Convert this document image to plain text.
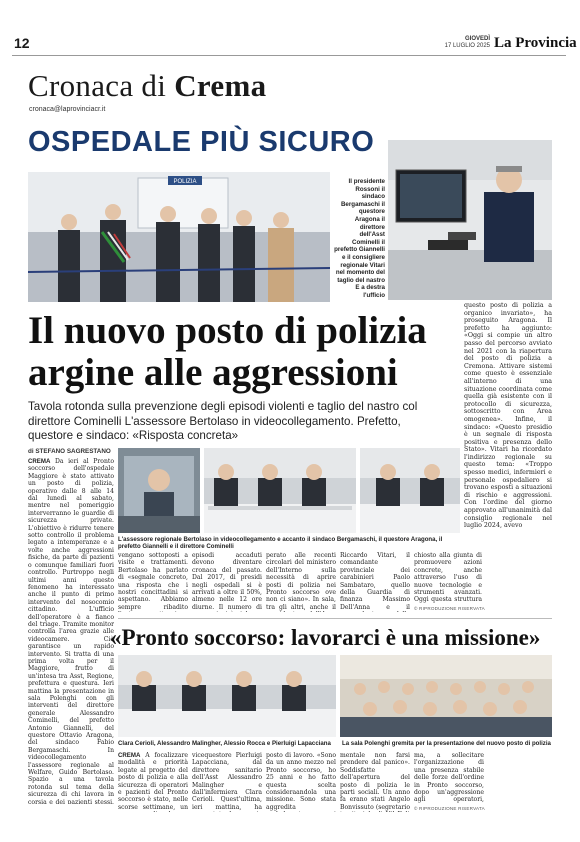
12	GIOVEDÌ
17 LUGLIO 2025 La Provincia
Cronaca di Crema
cronaca@laprovinciacr.it
OSPEDALE PIÙ SICURO
POLIZIA	Il presidente Rossoni il sindaco Bergamaschi il questore Aragona il direttore dell'Asst Cominelli il prefetto Giannelli e il consigliere regionale Vitari nel momento del taglio del nastro E a destra l'ufficio
Il nuovo posto di polizia argine alle aggressioni
questo posto di polizia a organico invariato», ha proseguito Aragona. Il prefetto ha aggiunto: «Oggi si compie un altro passo del percorso avviato nel 2021 con la riapertura del posto di polizia a Cremona. Attivare sistemi come questo è essenziale all'interno di una situazione coordinata come quella già esistente con il protocollo di sicurezza, sottoscritto con Area omogenea». Infine, il sindaco: «Questo presidio è un segnale di risposta positiva e presenza dello Stato». Vitari ha ricordato l'indirizzo regionale su questo tema: «Troppo spesso medici, infermieri e personale ospedaliero si trovano esposti a situazioni di rischio e aggressioni. Con l'ordine del giorno approvato all'unanimità dal consiglio regionale nel luglio 2024, avevo
Tavola rotonda sulla prevenzione degli episodi violenti e taglio del nastro col direttore Cominelli L'assessore Bertolaso in videocollegamento. Prefetto, questore e sindaco: «Risposta concreta»
di STEFANO SAGRESTANO
CREMA Da ieri al Pronto soccorso dell'ospedale Maggiore è stato attivato un posto di polizia, operativo dalle 8 alle 14 dal lunedì al sabato, mentre nel pomeriggio interverranno le guardie di sicurezza private. L'obiettivo è ridurre tenere sotto controllo il problema legato a intemperanze e a volte anche aggressioni fisiche, da parte di pazienti o comunque familiari fuori controllo. Purtroppo negli ultimi anni questo fenomeno ha interessato anche il punto di primo intervento del nosocomio cittadino. L'ufficio dell'operatore è a fianco del triage. Tramite monitor controlla l'area grazie alle videocamere. Ciò garantisce un rapido intervento. Si tratta di una prima volta per il Maggiore, frutto di un'intesa tra Asst, Regione, prefettura e questura. Ieri mattina la presentazione in sala Polenghi con gli interventi del direttore generale Alessandro Cominelli, del prefetto Antonio Giannelli, del questore Ottavio Aragona, del sindaco Fabio Bergamaschi. In videocollegamento l'assessore regionale al Welfare, Guido Bertolaso. Spazio a una tavola rotonda sul tema della sicurezza di chi lavora in corsia e dei pazienti stessi.
L'assessore regionale Bertolaso in videocollegamento e accanto il sindaco Bergamaschi, il questore Aragona, il prefetto Giannelli e il direttore Cominelli
vengano sottoposti a visite e trattamenti. Bertolaso ha parlato di «segnale concreto, una risposta che i nostri concittadini si aspettano. Abbiamo sempre ribadito
episodi accaduti devono diventare cronaca del passato. Dal 2017, di presidi negli ospedali si è arrivati a oltre il 50%, almeno nelle 12 ore diurne. Il numero di
perato alle recenti circolari del ministero dell'Interno sulla necessità di aprire posti di polizia nei Pronto soccorso ove non ci siano». In sala, tra gli altri, anche il
Riccardo Vitari, il comandante provinciale dei carabinieri Paolo Sambataro, quello della Guardia di finanza Massimo Dell'Anna e il
chiosto alla giunta di promuovere azioni concrete, anche attraverso l'uso di nuove tecnologie e strumenti avanzati. Oggi questa struttura
© RIPRODUZIONE RISERVATA
«Pronto soccorso: lavorarci è una missione»
Clara Cerioli, Alessandro Malingher, Alessio Rocca e Pierluigi Lapacciana	La sala Polenghi gremita per la presentazione del nuovo posto di polizia
CREMA A focalizzare modalità e priorità legate al progetto del posto di polizia e alla sicurezza di operatori e pazienti del Pronto soccorso è stato, nelle scorse settimane, un
vicequestore Pierluigi Lapacciana, dal direttore sanitario dell'Asst Alessandro Malingher e dall'infermiera Clara Cerioli. Quest'ultima, ieri mattina, ha
posto di lavoro. «Sono da un anno mezzo nel Pronto soccorso, ho 25 anni e ho fatto questa scelta consideraandola una missione. Sono stata aggredita
mentale non farsi prendere dal panico». Soddisfatte dell'apertura del posto di polizia le parti sociali. Un anno fa erano stati Angelo Bonvissuto (segretario
ma, a sollecitare l'organizzazione di una presenza stabile delle forze dell'ordine in Pronto soccorso, dopo un'aggressione agli operatori,
© RIPRODUZIONE RISERVATA
